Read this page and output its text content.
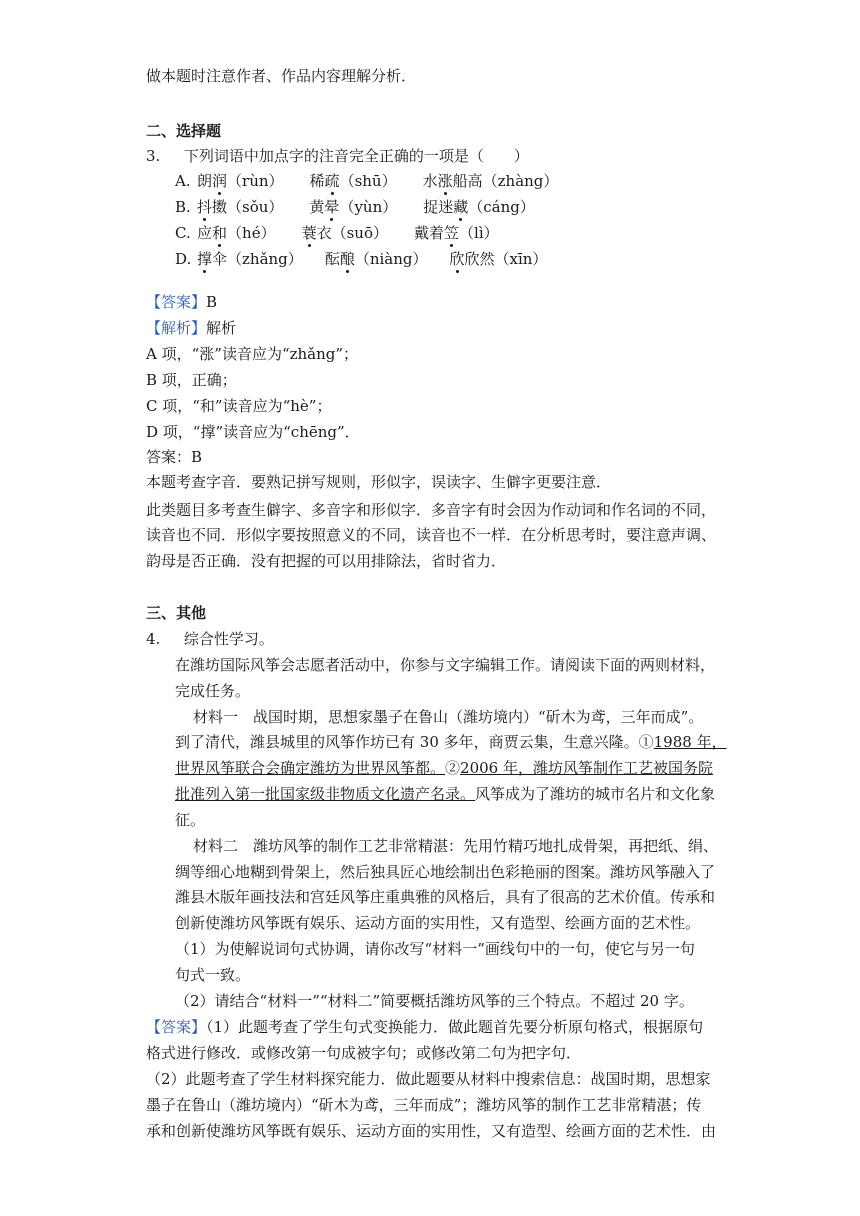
做本题时注意作者、作品内容理解分析．
二、选择题
3. 下列词语中加点字的注音完全正确的一项是（　　）
A. 朗润（rùn） 稀疏（shū） 水涨船高（zhàng）
B. 抖擞（sǒu） 黄晕（yùn） 捉迷藏（cáng）
C. 应和（hé） 蓑衣（suō） 戴着笠（lì）
D. 撑伞（zhǎng） 酝酿（niàng） 欣欣然（xīn）
【答案】B
【解析】解析
A 项，“涨”读音应为“zhǎng”；
B 项，正确；
C 项，“和”读音应为“hè”；
D 项，“撑”读音应为“chēng”．
答案：B
本题考查字音．要熟记拼写规则，形似字，误读字、生僻字更要注意．
此类题目多考查生僻字、多音字和形似字．多音字有时会因为作动词和作名词的不同，
读音也不同．形似字要按照意义的不同，读音也不一样．在分析思考时，要注意声调、
韵母是否正确．没有把握的可以用排除法，省时省力．
三、其他
4. 综合性学习。
在潍坊国际风筝会志愿者活动中，你参与文字编辑工作。请阅读下面的两则材料，
完成任务。
材料一　战国时期，思想家墨子在鲁山（潍坊境内）“斫木为鸢，三年而成”。
到了清代，潍县城里的风筝作坊已有 30 多年，商贾云集，生意兴隆。①1988 年，
世界风筝联合会确定潍坊为世界风筝都。②2006 年，潍坊风筝制作工艺被国务院
批准列入第一批国家级非物质文化遗产名录。风筝成为了潍坊的城市名片和文化象
征。
材料二　潍坊风筝的制作工艺非常精湛：先用竹精巧地扎成骨架，再把纸、绢、
绸等细心地糊到骨架上，然后独具匠心地绘制出色彩艳丽的图案。潍坊风筝融入了
潍县木版年画技法和宫廷风筝庄重典雅的风格后，具有了很高的艺术价值。传承和
创新使潍坊风筝既有娱乐、运动方面的实用性，又有造型、绘画方面的艺术性。
（1）为使解说词句式协调，请你改写“材料一”画线句中的一句，使它与另一句
句式一致。
（2）请结合“材料一”“材料二”简要概括潍坊风筝的三个特点。不超过 20 字。
【答案】（1）此题考查了学生句式变换能力．做此题首先要分析原句格式，根据原句
格式进行修改．或修改第一句成被字句；或修改第二句为把字句．
（2）此题考查了学生材料探究能力．做此题要从材料中搜索信息：战国时期，思想家
墨子在鲁山（潍坊境内）“斫木为鸢，三年而成”；潍坊风筝的制作工艺非常精湛；传
承和创新使潍坊风筝既有娱乐、运动方面的实用性，又有造型、绘画方面的艺术性．由
